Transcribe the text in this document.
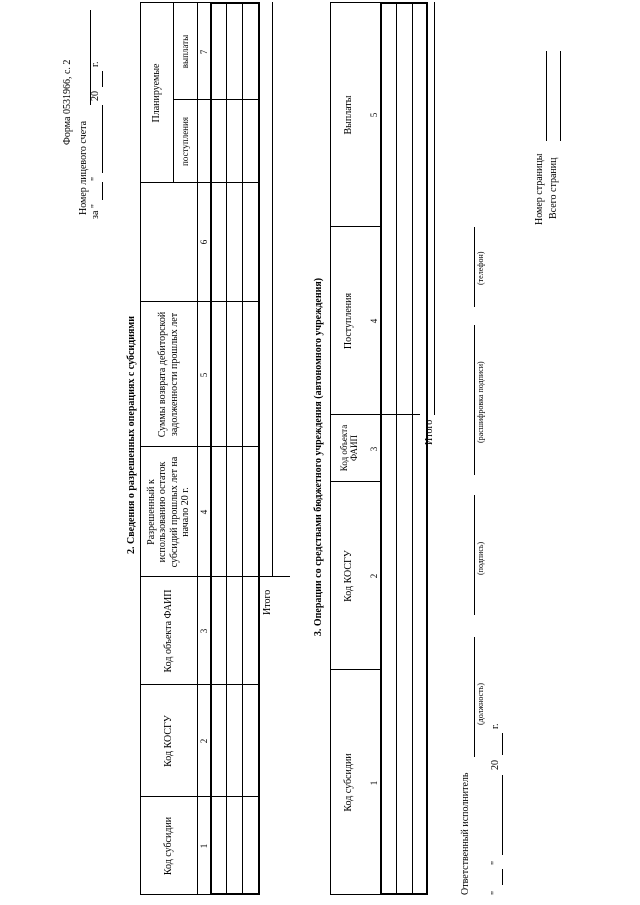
Форма 0531966, с. 2
Номер лицевого счета за "
"
20
г.
2. Сведения о разрешенных операциях с субсидиями
Код субсидии
Код КОСГУ
Код объекта ФАИП
Разрешенный к использованию остаток субсидий прошлых лет на начало 20 г.
Суммы возврата дебиторской задолженности прошлых лет
Планируемые
поступления
выплаты
1
2
3
4
5
6
7
Итого	3. Операции со средствами бюджетного учреждения (автономного учреждения)
Код субсидии
Код КОСГУ
Код объекта ФАИП
Поступления
Выплаты
1
2
3
4
5
Итого
Ответственный исполнитель
(должность)
(подпись)
(расшифровка подписи)
(телефон)
"
"
20
г.
Номер страницы Всего страниц
